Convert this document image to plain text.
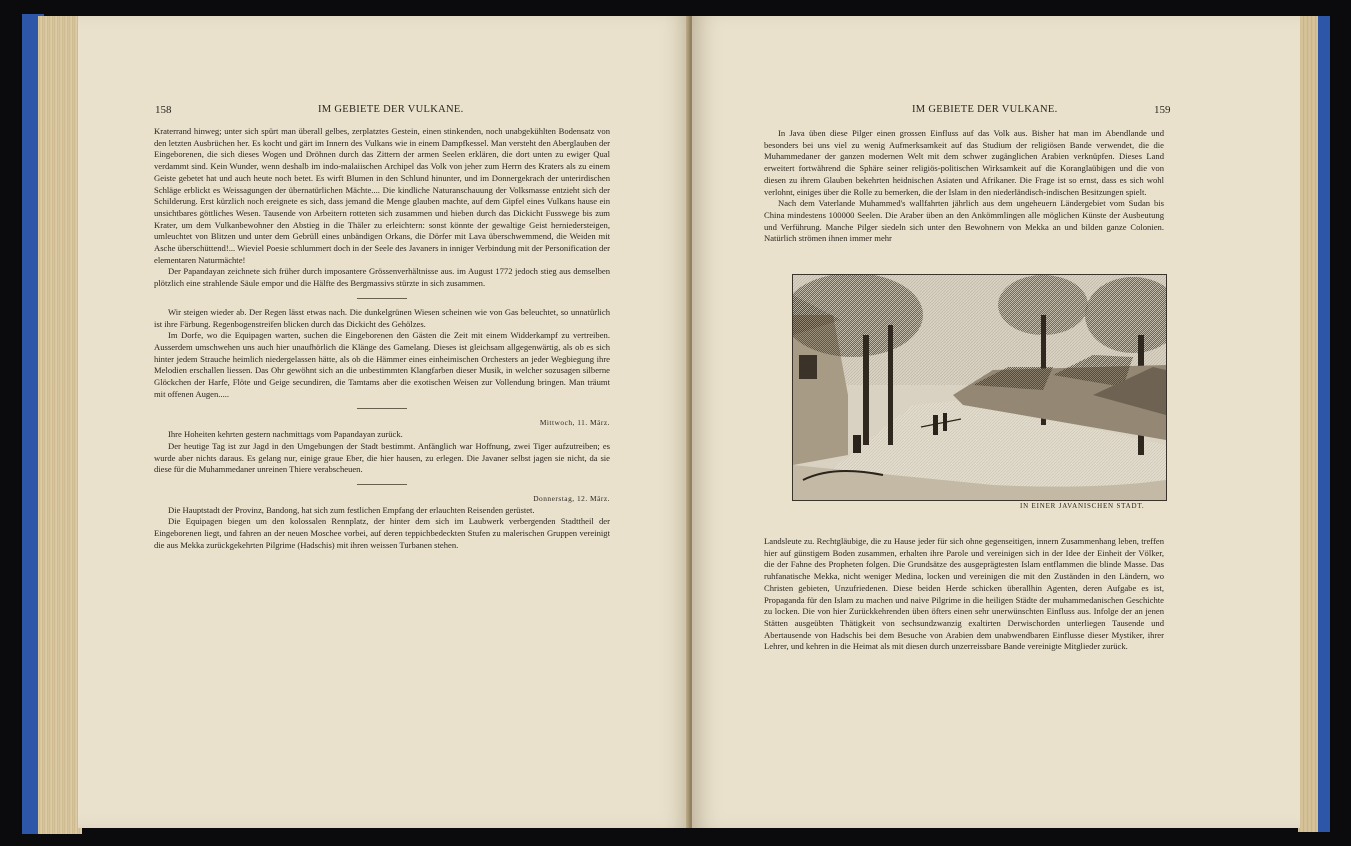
158	IM GEBIETE DER VULKANE.

Kraterrand hinweg; unter sich spürt man überall gelbes, zerplatztes Gestein, einen stinkenden, noch unabgekühlten Bodensatz von den letzten Ausbrüchen her. Es kocht und gärt im Innern des Vulkans wie in einem Dampfkessel. Man versteht den Aberglauben der Eingeborenen, die sich dieses Wogen und Dröhnen durch das Zittern der armen Seelen erklären, die dort unten zu ewiger Qual verdammt sind. Kein Wunder, wenn deshalb im indo-malaiischen Archipel das Volk von jeher zum Herrn des Kraters als zu einem Geiste gebetet hat und auch heute noch betet. Es wirft Blumen in den Schlund hinunter, und im Donnergekrach der unterirdischen Schläge erblickt es Weissagungen der übernatürlichen Mächte.... Die kindliche Naturanschauung der Volksmasse entzieht sich der Schilderung. Erst kürzlich noch ereignete es sich, dass jemand die Menge glauben machte, auf dem Gipfel eines Vulkans hause ein unsichtbares göttliches Wesen. Tausende von Arbeitern rotteten sich zusammen und hieben durch das Dickicht Fusswege bis zum Krater, um dem Vulkanbewohner den Abstieg in die Thäler zu erleichtern: sonst könnte der gewaltige Geist herniedersteigen, umleuchtet von Blitzen und unter dem Gebrüll eines unbändigen Orkans, die Dörfer mit Lava überschwemmend, die Weiden mit Asche überschüttend!... Wieviel Poesie schlummert doch in der Seele des Javaners in inniger Verbindung mit der Personification der elementaren Naturmächte!

Der Papandayan zeichnete sich früher durch imposantere Grössenverhältnisse aus. im August 1772 jedoch stieg aus demselben plötzlich eine strahlende Säule empor und die Hälfte des Bergmassivs stürzte in sich zusammen.

Wir steigen wieder ab. Der Regen lässt etwas nach. Die dunkelgrünen Wiesen scheinen wie von Gas beleuchtet, so unnatürlich ist ihre Färbung. Regenbogenstreifen blicken durch das Dickicht des Gehölzes.

Im Dorfe, wo die Equipagen warten, suchen die Eingeborenen den Gästen die Zeit mit einem Widderkampf zu vertreiben. Ausserdem umschwehen uns auch hier unaufhörlich die Klänge des Gamelang. Dieses ist gleichsam allgegenwärtig, als ob es sich hinter jedem Strauche heimlich niedergelassen hätte, als ob die Hämmer eines einheimischen Orchesters an jeder Wegbiegung ihre Melodien erschallen liessen. Das Ohr gewöhnt sich an die unbestimmten Klangfarben dieser Musik, in welcher sozusagen silberne Glöckchen der Harfe, Flöte und Geige secundiren, die Tamtams aber die exotischen Weisen zur Vollendung bringen. Man träumt mit offenen Augen.....

Mittwoch, 11. März.

Ihre Hoheiten kehrten gestern nachmittags vom Papandayan zurück.

Der heutige Tag ist zur Jagd in den Umgebungen der Stadt bestimmt. Anfänglich war Hoffnung, zwei Tiger aufzutreiben; es wurde aber nichts daraus. Es gelang nur, einige graue Eber, die hier hausen, zu erlegen. Die Javaner selbst jagen sie nicht, da sie diese für die Muhammedaner unreinen Thiere verabscheuen.

Donnerstag, 12. März.

Die Hauptstadt der Provinz, Bandong, hat sich zum festlichen Empfang der erlauchten Reisenden gerüstet.

Die Equipagen biegen um den kolossalen Rennplatz, der hinter dem sich im Laubwerk verbergenden Stadttheil der Eingeborenen liegt, und fahren an der neuen Moschee vorbei, auf deren teppichbedeckten Stufen zu malerischen Gruppen vereinigt die aus Mekka zurückgekehrten Pilgrime (Hadschis) mit ihren weissen Turbanen stehen.

IM GEBIETE DER VULKANE.	159

In Java üben diese Pilger einen grossen Einfluss auf das Volk aus. Bisher hat man im Abendlande und besonders bei uns viel zu wenig Aufmerksamkeit auf das Studium der religiösen Bande verwendet, die die Muhammedaner der ganzen modernen Welt mit dem schwer zugänglichen Arabien verknüpfen. Dieses Land erweitert fortwährend die Sphäre seiner religiös-politischen Wirksamkeit auf die Koranglaübigen und die von diesen zu ihrem Glauben bekehrten heidnischen Asiaten und Afrikaner. Die Frage ist so ernst, dass es sich wohl verlohnt, einiges über die Rolle zu bemerken, die der Islam in den niederländisch-indischen Besitzungen spielt.

Nach dem Vaterlande Muhammed's wallfahrten jährlich aus dem ungeheuern Ländergebiet vom Sudan bis China mindestens 100000 Seelen. Die Araber üben an den Ankömmlingen alle möglichen Künste der Ausbeutung und Verführung. Manche Pilger siedeln sich unter den Bewohnern von Mekka an und bilden ganze Colonien. Natürlich strömen ihnen immer mehr

IN EINER JAVANISCHEN STADT.

Landsleute zu. Rechtgläubige, die zu Hause jeder für sich ohne gegenseitigen, innern Zusammenhang leben, treffen hier auf günstigem Boden zusammen, erhalten ihre Parole und vereinigen sich in der Idee der Einheit der Völker, die der Fahne des Propheten folgen. Die Grundsätze des ausgeprägtesten Islam entflammen die blinde Masse. Das ruhfanatische Mekka, nicht weniger Medina, locken und vereinigen die mit den Zuständen in den Ländern, wo Christen gebieten, Unzufriedenen. Diese beiden Herde schicken überallhin Agenten, deren Aufgabe es ist, Propaganda für den Islam zu machen und naive Pilgrime in die heiligen Städte der muhammedanischen Geschichte zu locken. Die von hier Zurückkehrenden üben öfters einen sehr unerwünschten Einfluss aus. Infolge der an jenen Stätten ausgeübten Thätigkeit von sechsundzwanzig exaltirten Derwischorden unterliegen Tausende und Abertausende von Hadschis bei dem Besuche von Arabien dem unabwendbaren Einflusse dieser Mystiker, ihrer Lehrer, und kehren in die Heimat als mit diesen durch unzerreissbare Bande vereinigte Mitglieder zurück.
